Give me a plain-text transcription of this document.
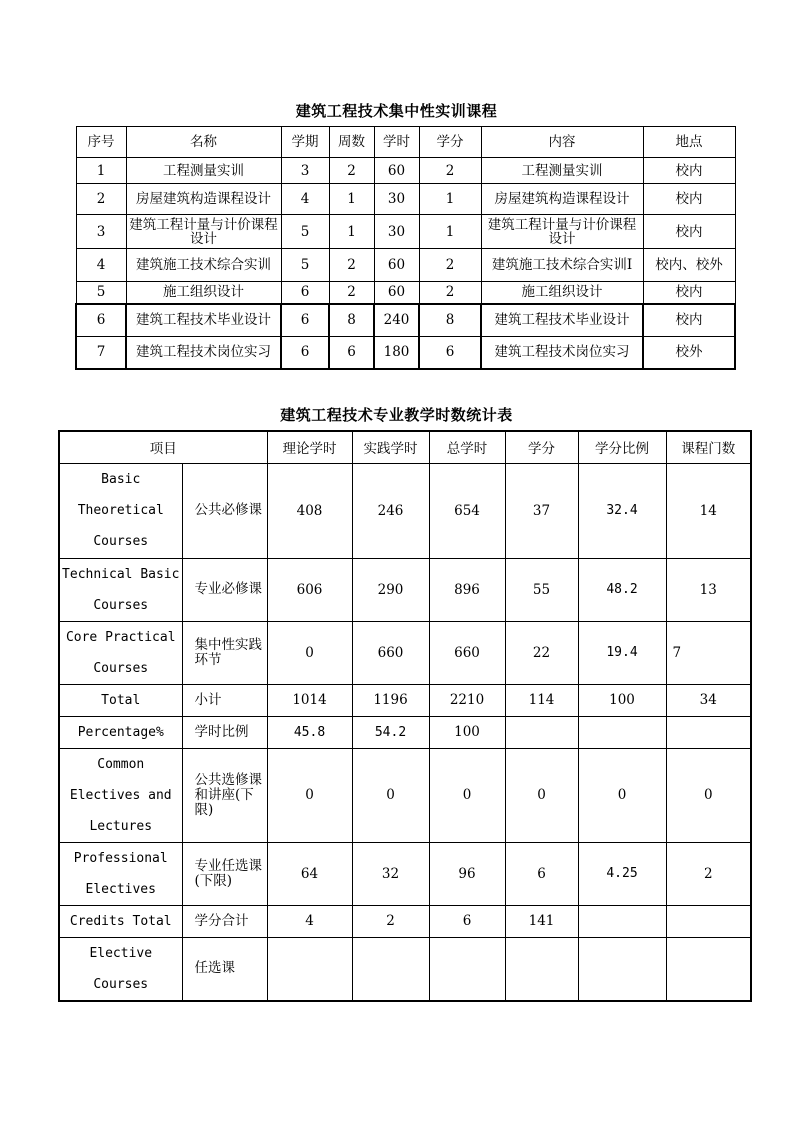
建筑工程技术集中性实训课程
序号	名称	学期	周数	学时	学分	内容	地点
1	工程测量实训	3	2	60	2	工程测量实训	校内
2	房屋建筑构造课程设计	4	1	30	1	房屋建筑构造课程设计	校内
3	建筑工程计量与计价课程设计	5	1	30	1	建筑工程计量与计价课程设计	校内
4	建筑施工技术综合实训	5	2	60	2	建筑施工技术综合实训Ⅰ	校内、校外
5	施工组织设计	6	2	60	2	施工组织设计	校内
6	建筑工程技术毕业设计	6	8	240	8	建筑工程技术毕业设计	校内
7	建筑工程技术岗位实习	6	6	180	6	建筑工程技术岗位实习	校外
建筑工程技术专业教学时数统计表
项目		理论学时	实践学时	总学时	学分	学分比例	课程门数
Basic Theoretical Courses	公共必修课	408	246	654	37	32.4	14
Technical Basic Courses	专业必修课	606	290	896	55	48.2	13
Core Practical Courses	集中性实践环节	0	660	660	22	19.4	7
Total	小计	1014	1196	2210	114	100	34
Percentage%	学时比例	45.8	54.2	100			
Common Electives and Lectures	公共选修课和讲座(下限)	0	0	0	0	0	0
Professional Electives	专业任选课(下限)	64	32	96	6	4.25	2
Credits Total	学分合计	4	2	6	141		
Elective Courses	任选课						
